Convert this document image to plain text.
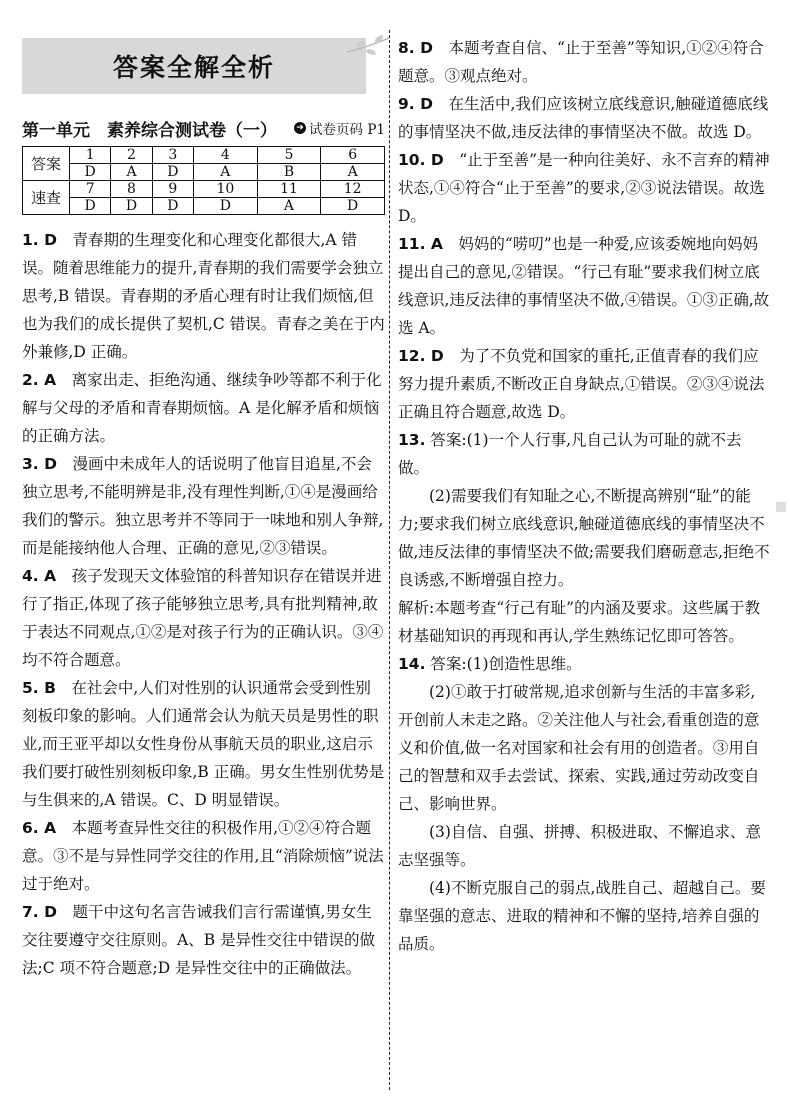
答案全解全析
第一单元　素养综合测试卷（一） ➜ 试卷页码 P1
答案	1	2	3	4	5	6
	D	A	D	A	B	A
速查	7	8	9	10	11	12
	D	D	D	D	A	D

1. D　 青春期的生理变化和心理变化都很大,A 错误。随着思维能力的提升,青春期的我们需要学会独立思考,B 错误。青春期的矛盾心理有时让我们烦恼,但也为我们的成长提供了契机,C 错误。青春之美在于内外兼修,D 正确。

2. A　 离家出走、拒绝沟通、继续争吵等都不利于化解与父母的矛盾和青春期烦恼。A 是化解矛盾和烦恼的正确方法。

3. D　 漫画中未成年人的话说明了他盲目追星,不会独立思考,不能明辨是非,没有理性判断,①④是漫画给我们的警示。独立思考并不等同于一味地和别人争辩,而是能接纳他人合理、正确的意见,②③错误。

4. A　 孩子发现天文体验馆的科普知识存在错误并进行了指正,体现了孩子能够独立思考,具有批判精神,敢于表达不同观点,①②是对孩子行为的正确认识。③④均不符合题意。

5. B　 在社会中,人们对性别的认识通常会受到性别刻板印象的影响。人们通常会认为航天员是男性的职业,而王亚平却以女性身份从事航天员的职业,这启示我们要打破性别刻板印象,B 正确。男女生性别优势是与生俱来的,A 错误。C、D 明显错误。

6. A　 本题考查异性交往的积极作用,①②④符合题意。③不是与异性同学交往的作用,且“消除烦恼”说法过于绝对。

7. D　 题干中这句名言告诫我们言行需谨慎,男女生交往要遵守交往原则。A、B 是异性交往中错误的做法;C 项不符合题意;D 是异性交往中的正确做法。

8. D　 本题考查自信、“止于至善”等知识,①②④符合题意。③观点绝对。

9. D　 在生活中,我们应该树立底线意识,触碰道德底线的事情坚决不做,违反法律的事情坚决不做。故选 D。

10. D　 “止于至善”是一种向往美好、永不言弃的精神状态,①④符合“止于至善”的要求,②③说法错误。故选 D。

11. A　 妈妈的“唠叨”也是一种爱,应该委婉地向妈妈提出自己的意见,②错误。“行己有耻”要求我们树立底线意识,违反法律的事情坚决不做,④错误。①③正确,故选 A。

12. D　 为了不负党和国家的重托,正值青春的我们应努力提升素质,不断改正自身缺点,①错误。②③④说法正确且符合题意,故选 D。

13. 答案:(1)一个人行事,凡自己认为可耻的就不去做。

(2)需要我们有知耻之心,不断提高辨别“耻”的能力;要求我们树立底线意识,触碰道德底线的事情坚决不做,违反法律的事情坚决不做;需要我们磨砺意志,拒绝不良诱惑,不断增强自控力。

解析:本题考查“行己有耻”的内涵及要求。这些属于教材基础知识的再现和再认,学生熟练记忆即可答答。

14. 答案:(1)创造性思维。

(2)①敢于打破常规,追求创新与生活的丰富多彩,开创前人未走之路。②关注他人与社会,看重创造的意义和价值,做一名对国家和社会有用的创造者。③用自己的智慧和双手去尝试、探索、实践,通过劳动改变自己、影响世界。

(3)自信、自强、拼搏、积极进取、不懈追求、意志坚强等。

(4)不断克服自己的弱点,战胜自己、超越自己。要靠坚强的意志、进取的精神和不懈的坚持,培养自强的品质。
